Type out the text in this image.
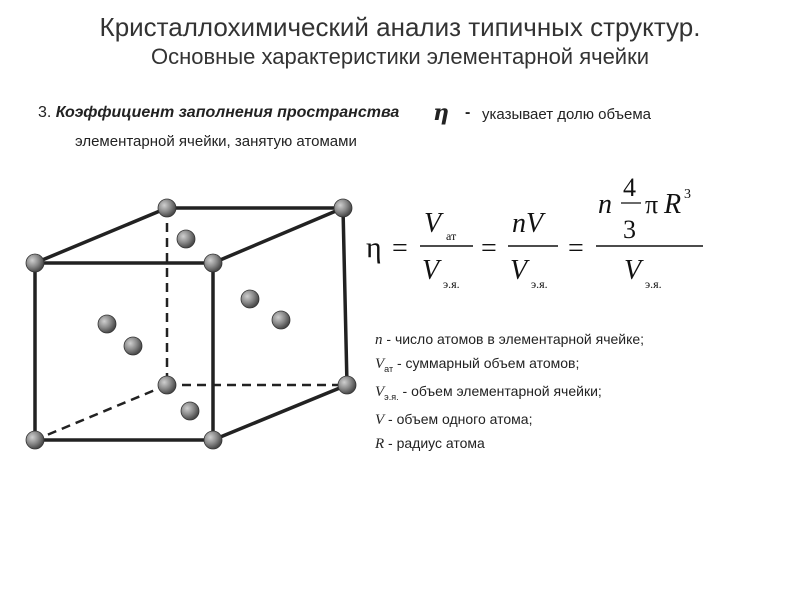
Кристаллохимический анализ типичных структур.
Основные характеристики элементарной ячейки
3. Коэффициент заполнения пространства η - указывает долю объема
элементарной ячейки, занятую атомами
η =
V ат
V э.я.
=
nV
V э.я.
=
n
4
3
π R 3
V э.я.
n - число атомов в элементарной ячейке;
$V_{ат}$ - суммарный объем атомов;
$V_{э.я.}$ - объем элементарной ячейки;
V - объем одного атома;
R - радиус атома
